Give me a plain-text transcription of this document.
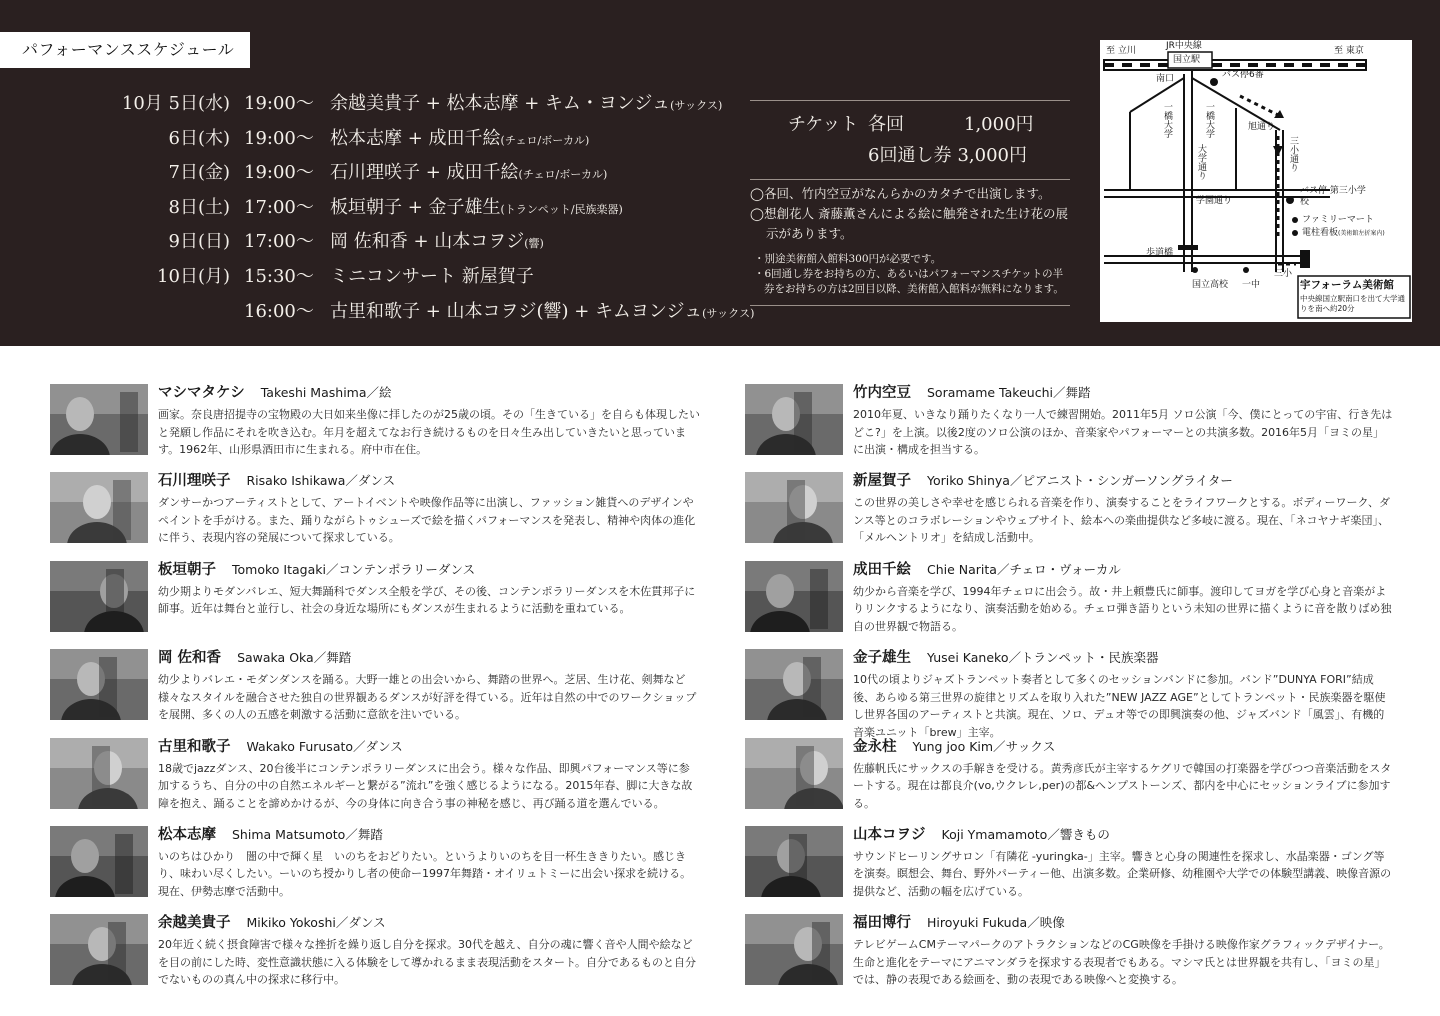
パフォーマンススケジュール
10月 5日(水) 19:00〜 余越美貴子 + 松本志摩 + キム・ヨンジュ(サックス)
6日(木) 19:00〜 松本志摩 + 成田千絵(チェロ/ボーカル)
7日(金) 19:00〜 石川理咲子 + 成田千絵(チェロ/ボーカル)
8日(土) 17:00〜 板垣朝子 + 金子雄生(トランペット/民族楽器)
9日(日) 17:00〜 岡 佐和香 + 山本コヲジ(響)
10日(月) 15:30〜 ミニコンサート 新屋賀子
16:00〜 古里和歌子 + 山本コヲジ(響) + キムヨンジュ(サックス)
チケット 各回	1,000円
6回通し券 3,000円
◯各回、竹内空豆がなんらかのカタチで出演します。
◯想創花人 斎藤薫さんによる絵に触発された生け花の展示があります。
・別途美術館入館料300円が必要です。
・6回通し券をお持ちの方、あるいはパフォーマンスチケットの半券をお持ちの方は2回目以降、美術館入館料が無料になります。
至 立川	JR中央線	至 東京
国立駅
南口	バス停6番
一橋大学	一橋大学	旭通り
大学通り	三小通り
学園通り
バス停 第三小学校
ファミリーマート
電柱看板(美術館左折案内)
歩道橋
国立高校 一中
三小
宇フォーラム美術館
中央線国立駅南口を出て大学通りを南へ約20分
マシマタケシ Takeshi Mashima／絵
画家。奈良唐招提寺の宝物殿の大日如来坐像に拝したのが25歳の頃。その「生きている」を自らも体現したいと発願し作品にそれを吹き込む。年月を超えてなお行き続けるものを日々生み出していきたいと思っています。1962年、山形県酒田市に生まれる。府中市在住。
石川理咲子 Risako Ishikawa／ダンス
ダンサーかつアーティストとして、アートイベントや映像作品等に出演し、ファッション雑貨へのデザインやペイントを手がける。また、踊りながらトゥシューズで絵を描くパフォーマンスを発表し、精神や肉体の進化に伴う、表現内容の発展について探求している。
板垣朝子 Tomoko Itagaki／コンテンポラリーダンス
幼少期よりモダンバレエ、短大舞踊科でダンス全般を学び、その後、コンテンポラリーダンスを木佐貫邦子に師事。近年は舞台と並行し、社会の身近な場所にもダンスが生まれるように活動を重ねている。
岡 佐和香 Sawaka Oka／舞踏
幼少よりバレエ・モダンダンスを踊る。大野一雄との出会いから、舞踏の世界へ。芝居、生け花、剣舞など様々なスタイルを融合させた独自の世界観あるダンスが好評を得ている。近年は自然の中でのワークショップを展開、多くの人の五感を刺激する活動に意欲を注いでいる。
古里和歌子 Wakako Furusato／ダンス
18歳でjazzダンス、20台後半にコンテンポラリーダンスに出会う。様々な作品、即興パフォーマンス等に参加するうち、自分の中の自然エネルギーと繋がる”流れ”を強く感じるようになる。2015年春、脚に大きな故障を抱え、踊ることを諦めかけるが、今の身体に向き合う事の神秘を感じ、再び踊る道を選んでいる。
松本志摩 Shima Matsumoto／舞踏
いのちはひかり　闇の中で輝く星　いのちをおどりたい。というよりいのちを目一杯生ききりたい。感じきり、味わい尽くしたい。ーいのち授かりし者の使命ー1997年舞踏・オイリュトミーに出会い探求を続ける。現在、伊勢志摩で活動中。
余越美貴子 Mikiko Yokoshi／ダンス
20年近く続く摂食障害で様々な挫折を繰り返し自分を探求。30代を越え、自分の魂に響く音や人間や絵などを目の前にした時、変性意識状態に入る体験をして導かれるまま表現活動をスタート。自分であるものと自分でないものの真ん中の探求に移行中。
竹内空豆 Soramame Takeuchi／舞踏
2010年夏、いきなり踊りたくなり一人で練習開始。2011年5月 ソロ公演「今、僕にとっての宇宙、行き先はどこ?」を上演。以後2度のソロ公演のほか、音楽家やパフォーマーとの共演多数。2016年5月「ヨミの星」に出演・構成を担当する。
新屋賀子 Yoriko Shinya／ピアニスト・シンガーソングライター
この世界の美しさや幸せを感じられる音楽を作り、演奏することをライフワークとする。ボディーワーク、ダンス等とのコラボレーションやウェブサイト、絵本への楽曲提供など多岐に渡る。現在、「ネコヤナギ楽団」、「メルヘントリオ」を結成し活動中。
成田千絵 Chie Narita／チェロ・ヴォーカル
幼少から音楽を学び、1994年チェロに出会う。故・井上頼豊氏に師事。渡印してヨガを学び心身と音楽がよりリンクするようになり、演奏活動を始める。チェロ弾き語りという未知の世界に描くように音を散りばめ独自の世界観で物語る。
金子雄生 Yusei Kaneko／トランペット・民族楽器
10代の頃よりジャズトランペット奏者として多くのセッションバンドに参加。バンド”DUNYA FORI”結成後、あらゆる第三世界の旋律とリズムを取り入れた”NEW JAZZ AGE”としてトランペット・民族楽器を駆使し世界各国のアーティストと共演。現在、ソロ、デュオ等での即興演奏の他、ジャズバンド「風雲」、有機的音楽ユニット「brew」主宰。
金永柱 Yung joo Kim／サックス
佐藤帆氏にサックスの手解きを受ける。黄秀彦氏が主宰するケグリで韓国の打楽器を学びつつ音楽活動をスタートする。現在は都良介(vo,ウクレレ,per)の都&ヘンプストーンズ、都内を中心にセッションライブに参加する。
山本コヲジ Koji Ymamamoto／響きもの
サウンドヒーリングサロン「有隣花 -yuringka-」主宰。響きと心身の関連性を探求し、水晶楽器・ゴング等を演奏。瞑想会、舞台、野外パーティー他、出演多数。企業研修、幼稚園や大学での体験型講義、映像音源の提供など、活動の幅を広げている。
福田博行 Hiroyuki Fukuda／映像
テレビゲームCMテーマパークのアトラクションなどのCG映像を手掛ける映像作家グラフィックデザイナー。生命と進化をテーマにアニマンダラを探求する表現者でもある。マシマ氏とは世界観を共有し、「ヨミの星」では、静の表現である絵画を、動の表現である映像へと変換する。
